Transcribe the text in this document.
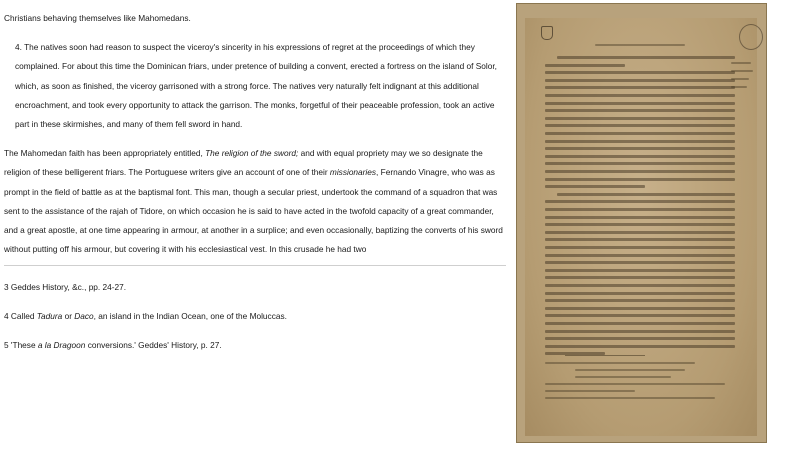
Christians behaving themselves like Mahomedans.

4. The natives soon had reason to suspect the viceroy's sincerity in his expressions of regret at the proceedings of which they complained. For about this time the Dominican friars, under pretence of building a convent, erected a fortress on the island of Solor, which, as soon as finished, the viceroy garrisoned with a strong force. The natives very naturally felt indignant at this additional encroachment, and took every opportunity to attack the garrison. The monks, forgetful of their peaceable profession, took an active part in these skirmishes, and many of them fell sword in hand.

The Mahomedan faith has been appropriately entitled, The religion of the sword; and with equal propriety may we so designate the religion of these belligerent friars. The Portuguese writers give an account of one of their missionaries, Fernando Vinagre, who was as prompt in the field of battle as at the baptismal font. This man, though a secular priest, undertook the command of a squadron that was sent to the assistance of the rajah of Tidore, on which occasion he is said to have acted in the twofold capacity of a great commander, and a great apostle, at one time appearing in armour, at another in a surplice; and even occasionally, baptizing the converts of his sword without putting off his armour, but covering it with his ecclesiastical vest. In this crusade he had two

3 Geddes History, &c., pp. 24-27.

4 Called Tadura or Daco, an island in the Indian Ocean, one of the Moluccas.

5 'These a la Dragoon conversions.' Geddes' History, p. 27.
